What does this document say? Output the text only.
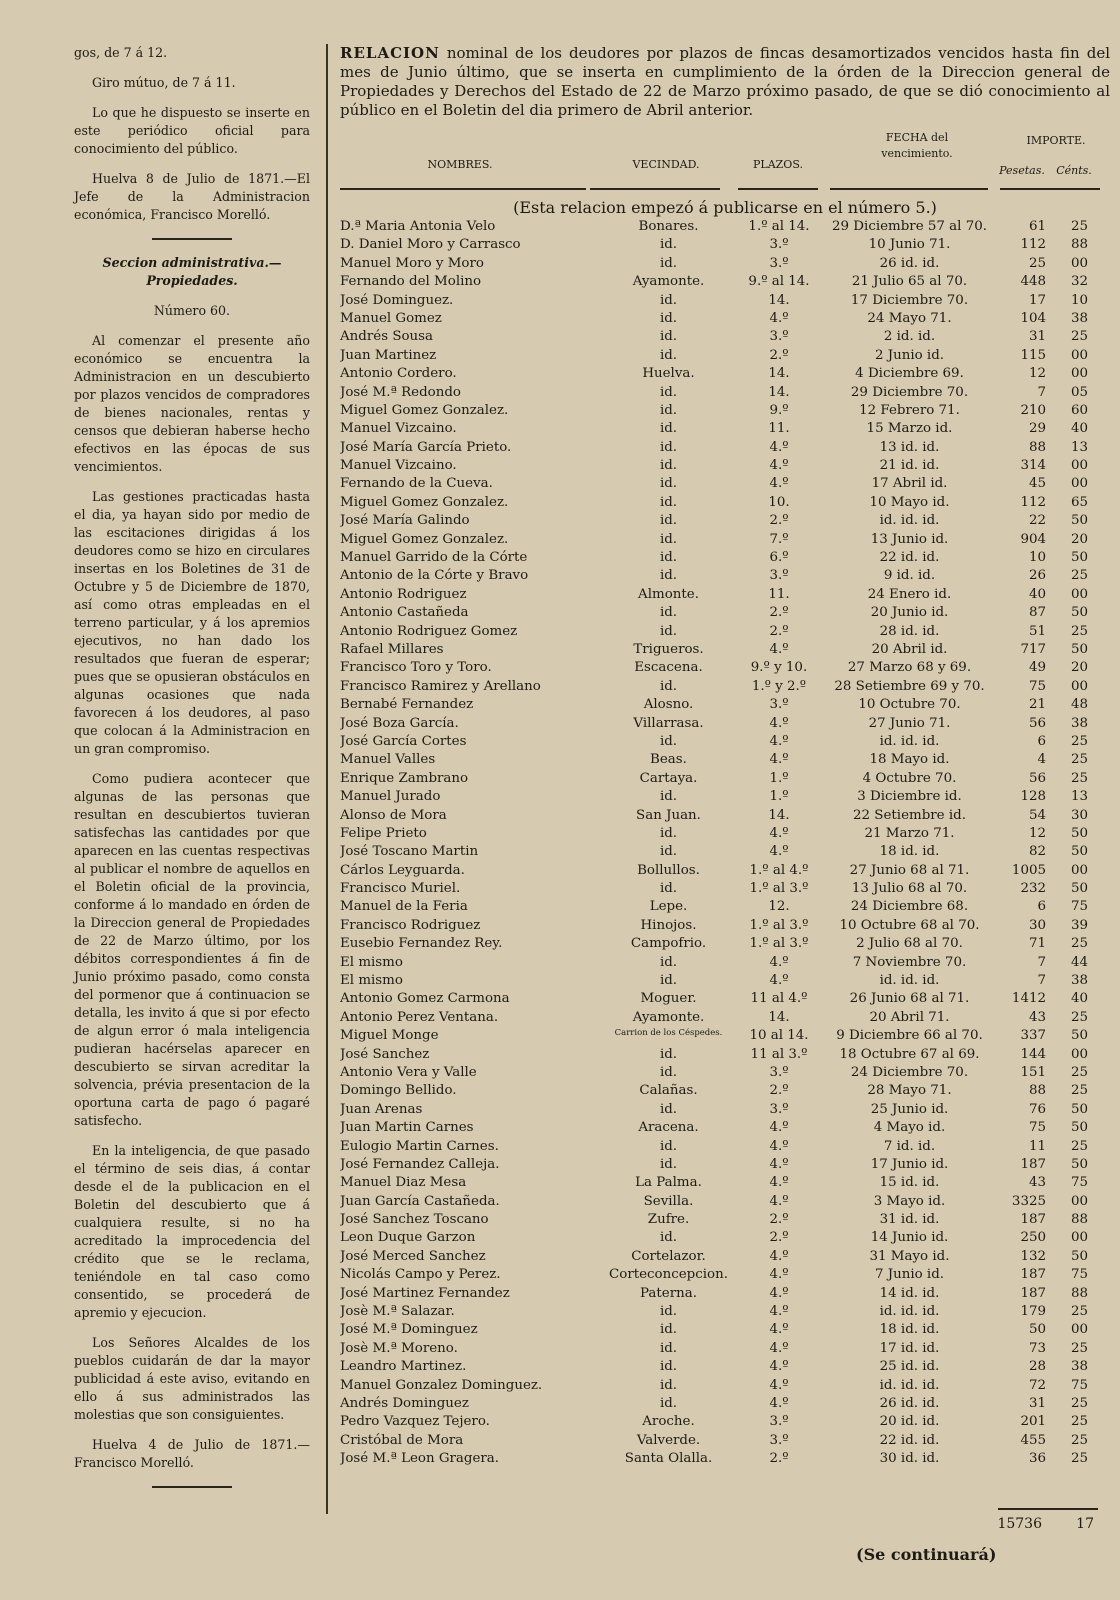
gos, de 7 á 12.

Giro mútuo, de 7 á 11.

Lo que he dispuesto se inserte en este periódico oficial para conocimiento del público.

Huelva 8 de Julio de 1871.—El Jefe de la Administracion económica, Francisco Morelló.

Seccion administrativa.—Propiedades.

Número 60.

Al comenzar el presente año económico se encuentra la Administracion en un descubierto por plazos vencidos de compradores de bienes nacionales, rentas y censos que debieran haberse hecho efectivos en las épocas de sus vencimientos.

Las gestiones practicadas hasta el dia, ya hayan sido por medio de las escitaciones dirigidas á los deudores como se hizo en circulares insertas en los Boletines de 31 de Octubre y 5 de Diciembre de 1870, así como otras empleadas en el terreno particular, y á los apremios ejecutivos, no han dado los resultados que fueran de esperar; pues que se opusieran obstáculos en algunas ocasiones que nada favorecen á los deudores, al paso que colocan á la Administracion en un gran compromiso.

Como pudiera acontecer que algunas de las personas que resultan en descubiertos tuvieran satisfechas las cantidades por que aparecen en las cuentas respectivas al publicar el nombre de aquellos en el Boletin oficial de la provincia, conforme á lo mandado en órden de la Direccion general de Propiedades de 22 de Marzo último, por los débitos correspondientes á fin de Junio próximo pasado, como consta del pormenor que á continuacion se detalla, les invito á que si por efecto de algun error ó mala inteligencia pudieran hacérselas aparecer en descubierto se sirvan acreditar la solvencia, prévia presentacion de la oportuna carta de pago ó pagaré satisfecho.

En la inteligencia, de que pasado el término de seis dias, á contar desde el de la publicacion en el Boletin del descubierto que á cualquiera resulte, si no ha acreditado la improcedencia del crédito que se le reclama, teniéndole en tal caso como consentido, se procederá de apremio y ejecucion.

Los Señores Alcaldes de los pueblos cuidarán de dar la mayor publicidad á este aviso, evitando en ello á sus administrados las molestias que son consiguientes.

Huelva 4 de Julio de 1871.— Francisco Morelló.

RELACION nominal de los deudores por plazos de fincas desamortizados vencidos hasta fin del mes de Junio último, que se inserta en cumplimiento de la órden de la Direccion general de Propiedades y Derechos del Estado de 22 de Marzo próximo pasado, de que se dió conocimiento al público en el Boletin del dia primero de Abril anterior.

NOMBRES.	VECINDAD.	PLAZOS.
FECHA del vencimiento.
IMPORTE.
Pesetas.	Cénts.

(Esta relacion empezó á publicarse en el número 5.)

D.ª Maria Antonia Velo	Bonares.	1.º al 14.	29 Diciembre 57 al 70.	61	25
D. Daniel Moro y Carrasco	id.	3.º	10 Junio 71.	112	88
Manuel Moro y Moro	id.	3.º	26 id. id.	25	00
Fernando del Molino	Ayamonte.	9.º al 14.	21 Julio 65 al 70.	448	32
José Dominguez.	id.	14.	17 Diciembre 70.	17	10
Manuel Gomez	id.	4.º	24 Mayo 71.	104	38
Andrés Sousa	id.	3.º	2 id. id.	31	25
Juan Martinez	id.	2.º	2 Junio id.	115	00
Antonio Cordero.	Huelva.	14.	4 Diciembre 69.	12	00
José M.ª Redondo	id.	14.	29 Diciembre 70.	7	05
Miguel Gomez Gonzalez.	id.	9.º	12 Febrero 71.	210	60
Manuel Vizcaino.	id.	11.	15 Marzo id.	29	40
José María García Prieto.	id.	4.º	13 id. id.	88	13
Manuel Vizcaino.	id.	4.º	21 id. id.	314	00
Fernando de la Cueva.	id.	4.º	17 Abril id.	45	00
Miguel Gomez Gonzalez.	id.	10.	10 Mayo id.	112	65
José María Galindo	id.	2.º	id. id. id.	22	50
Miguel Gomez Gonzalez.	id.	7.º	13 Junio id.	904	20
Manuel Garrido de la Córte	id.	6.º	22 id. id.	10	50
Antonio de la Córte y Bravo	id.	3.º	9 id. id.	26	25
Antonio Rodriguez	Almonte.	11.	24 Enero id.	40	00
Antonio Castañeda	id.	2.º	20 Junio id.	87	50
Antonio Rodriguez Gomez	id.	2.º	28 id. id.	51	25
Rafael Millares	Trigueros.	4.º	20 Abril id.	717	50
Francisco Toro y Toro.	Escacena.	9.º y 10.	27 Marzo 68 y 69.	49	20
Francisco Ramirez y Arellano	id.	1.º y 2.º	28 Setiembre 69 y 70.	75	00
Bernabé Fernandez	Alosno.	3.º	10 Octubre 70.	21	48
José Boza García.	Villarrasa.	4.º	27 Junio 71.	56	38
José García Cortes	id.	4.º	id. id. id.	6	25
Manuel Valles	Beas.	4.º	18 Mayo id.	4	25
Enrique Zambrano	Cartaya.	1.º	4 Octubre 70.	56	25
Manuel Jurado	id.	1.º	3 Diciembre id.	128	13
Alonso de Mora	San Juan.	14.	22 Setiembre id.	54	30
Felipe Prieto	id.	4.º	21 Marzo 71.	12	50
José Toscano Martin	id.	4.º	18 id. id.	82	50
Cárlos Leyguarda.	Bollullos.	1.º al 4.º	27 Junio 68 al 71.	1005	00
Francisco Muriel.	id.	1.º al 3.º	13 Julio 68 al 70.	232	50
Manuel de la Feria	Lepe.	12.	24 Diciembre 68.	6	75
Francisco Rodriguez	Hinojos.	1.º al 3.º	10 Octubre 68 al 70.	30	39
Eusebio Fernandez Rey.	Campofrio.	1.º al 3.º	2 Julio 68 al 70.	71	25
El mismo	id.	4.º	7 Noviembre 70.	7	44
El mismo	id.	4.º	id. id. id.	7	38
Antonio Gomez Carmona	Moguer.	11 al 4.º	26 Junio 68 al 71.	1412	40
Antonio Perez Ventana.	Ayamonte.	14.	20 Abril 71.	43	25
Miguel Monge	Carrion de los Céspedes.	10 al 14.	9 Diciembre 66 al 70.	337	50
José Sanchez	id.	11 al 3.º	18 Octubre 67 al 69.	144	00
Antonio Vera y Valle	id.	3.º	24 Diciembre 70.	151	25
Domingo Bellido.	Calañas.	2.º	28 Mayo 71.	88	25
Juan Arenas	id.	3.º	25 Junio id.	76	50
Juan Martin Carnes	Aracena.	4.º	4 Mayo id.	75	50
Eulogio Martin Carnes.	id.	4.º	7 id. id.	11	25
José Fernandez Calleja.	id.	4.º	17 Junio id.	187	50
Manuel Diaz Mesa	La Palma.	4.º	15 id. id.	43	75
Juan García Castañeda.	Sevilla.	4.º	3 Mayo id.	3325	00
José Sanchez Toscano	Zufre.	2.º	31 id. id.	187	88
Leon Duque Garzon	id.	2.º	14 Junio id.	250	00
José Merced Sanchez	Cortelazor.	4.º	31 Mayo id.	132	50
Nicolás Campo y Perez.	Corteconcepcion.	4.º	7 Junio id.	187	75
José Martinez Fernandez	Paterna.	4.º	14 id. id.	187	88
Josè M.ª Salazar.	id.	4.º	id. id. id.	179	25
José M.ª Dominguez	id.	4.º	18 id. id.	50	00
Josè M.ª Moreno.	id.	4.º	17 id. id.	73	25
Leandro Martinez.	id.	4.º	25 id. id.	28	38
Manuel Gonzalez Dominguez.	id.	4.º	id. id. id.	72	75
Andrés Dominguez	id.	4.º	26 id. id.	31	25
Pedro Vazquez Tejero.	Aroche.	3.º	20 id. id.	201	25
Cristóbal de Mora	Valverde.	3.º	22 id. id.	455	25
José M.ª Leon Gragera.	Santa Olalla.	2.º	30 id. id.	36	25
15736	17
(Se continuará)
